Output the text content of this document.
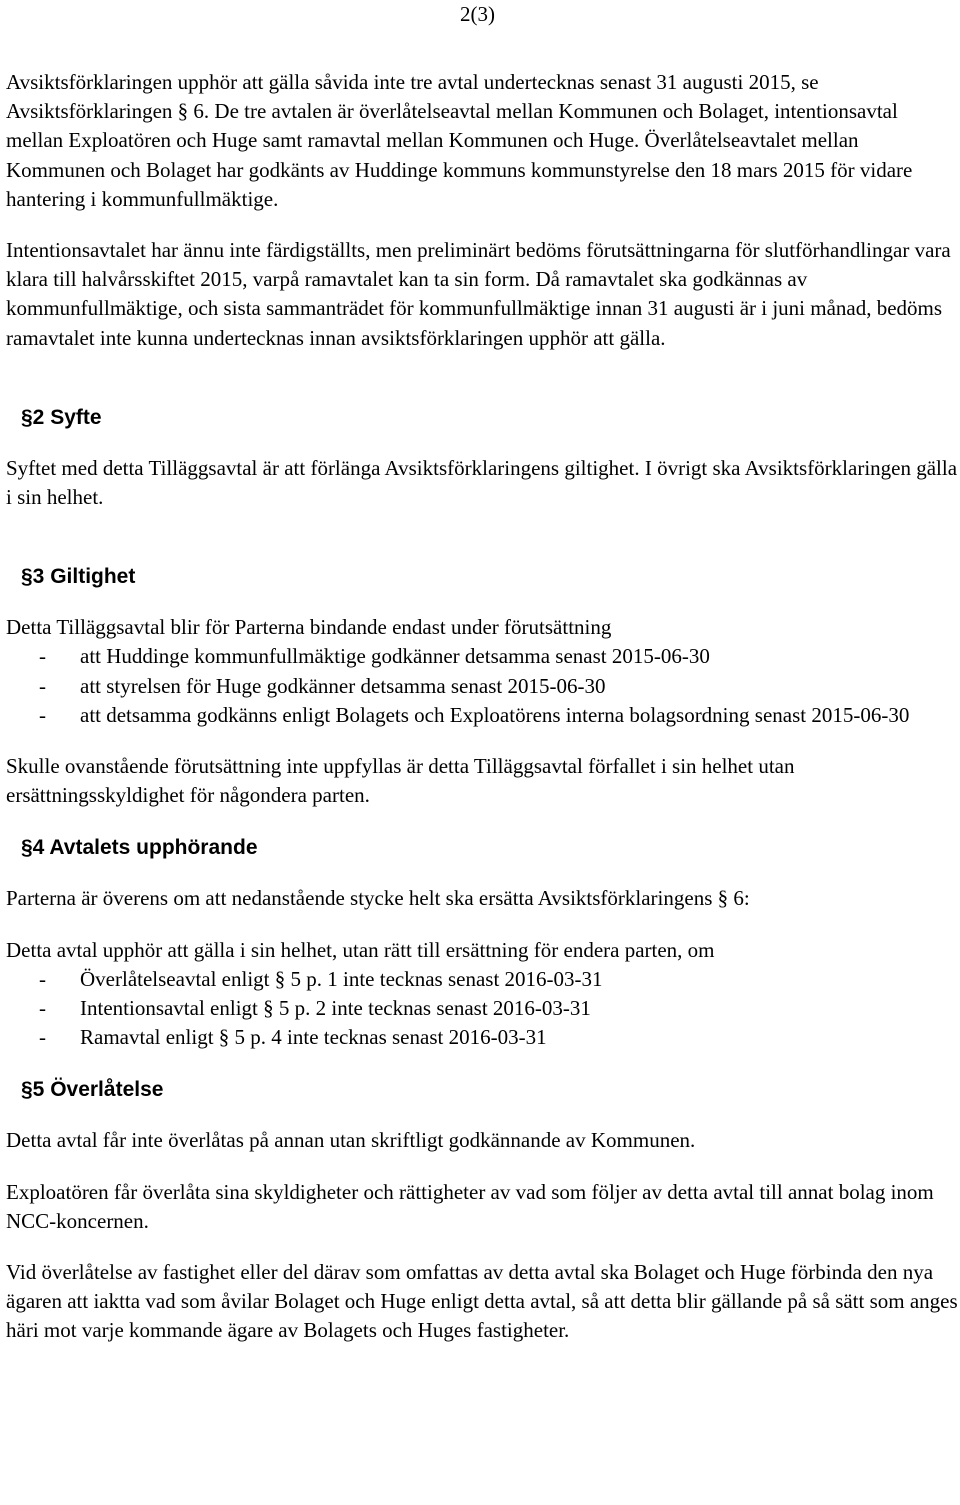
2(3)

Avsiktsförklaringen upphör att gälla såvida inte tre avtal undertecknas senast 31 augusti 2015, se Avsiktsförklaringen § 6. De tre avtalen är överlåtelseavtal mellan Kommunen och Bolaget, intentionsavtal mellan Exploatören och Huge samt ramavtal mellan Kommunen och Huge. Överlåtelseavtalet mellan Kommunen och Bolaget har godkänts av Huddinge kommuns kommunstyrelse den 18 mars 2015 för vidare hantering i kommunfullmäktige.

Intentionsavtalet har ännu inte färdigställts, men preliminärt bedöms förutsättningarna för slutförhandlingar vara klara till halvårsskiftet 2015, varpå ramavtalet kan ta sin form. Då ramavtalet ska godkännas av kommunfullmäktige, och sista sammanträdet för kommunfullmäktige innan 31 augusti är i juni månad, bedöms ramavtalet inte kunna undertecknas innan avsiktsförklaringen upphör att gälla.

§2 Syfte

Syftet med detta Tilläggsavtal är att förlänga Avsiktsförklaringens giltighet. I övrigt ska Avsiktsförklaringen gälla i sin helhet.

§3 Giltighet

Detta Tilläggsavtal blir för Parterna bindande endast under förutsättning

- att Huddinge kommunfullmäktige godkänner detsamma senast 2015-06-30
- att styrelsen för Huge godkänner detsamma senast 2015-06-30
- att detsamma godkänns enligt Bolagets och Exploatörens interna bolagsordning senast 2015-06-30

Skulle ovanstående förutsättning inte uppfyllas är detta Tilläggsavtal förfallet i sin helhet utan ersättningsskyldighet för någondera parten.

§4 Avtalets upphörande

Parterna är överens om att nedanstående stycke helt ska ersätta Avsiktsförklaringens § 6:

Detta avtal upphör att gälla i sin helhet, utan rätt till ersättning för endera parten, om

- Överlåtelseavtal enligt § 5 p. 1 inte tecknas senast 2016-03-31
- Intentionsavtal enligt § 5 p. 2 inte tecknas senast 2016-03-31
- Ramavtal enligt § 5 p. 4 inte tecknas senast 2016-03-31
§5 Överlåtelse

Detta avtal får inte överlåtas på annan utan skriftligt godkännande av Kommunen.

Exploatören får överlåta sina skyldigheter och rättigheter av vad som följer av detta avtal till annat bolag inom NCC-koncernen.

Vid överlåtelse av fastighet eller del därav som omfattas av detta avtal ska Bolaget och Huge förbinda den nya ägaren att iaktta vad som åvilar Bolaget och Huge enligt detta avtal, så att detta blir gällande på så sätt som anges häri mot varje kommande ägare av Bolagets och Huges fastigheter.
